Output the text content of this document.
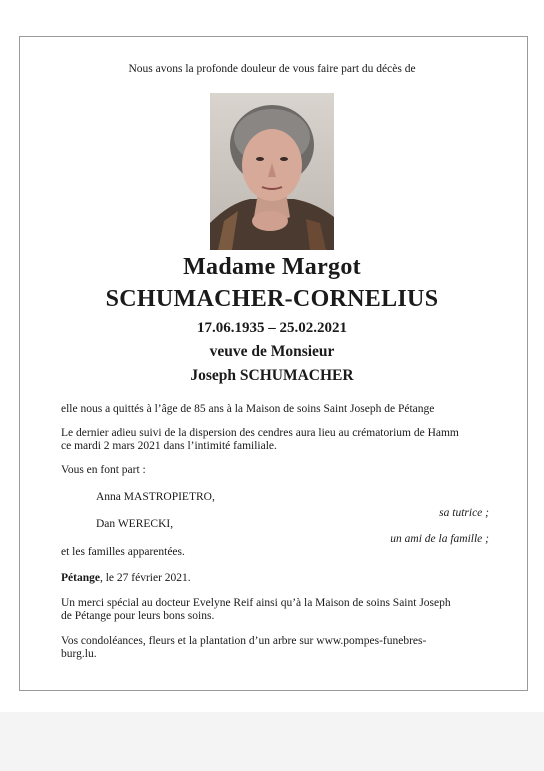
Nous avons la profonde douleur de vous faire part du décès de
Madame Margot
SCHUMACHER-CORNELIUS
17.06.1935 – 25.02.2021
veuve de Monsieur
Joseph SCHUMACHER
elle nous a quittés à l’âge de 85 ans à la Maison de soins Saint Joseph de Pétange
Le dernier adieu suivi de la dispersion des cendres aura lieu au crématorium de Hamm
ce mardi 2 mars 2021 dans l’intimité familiale.
Vous en font part :
Anna MASTROPIETRO,
sa tutrice ;
Dan WERECKI,
un ami de la famille ;
et les familles apparentées.
Pétange, le 27 février 2021.
Un merci spécial au docteur Evelyne Reif ainsi qu’à la Maison de soins Saint Joseph
de Pétange pour leurs bons soins.
Vos condoléances, fleurs et la plantation d’un arbre sur www.pompes-funebres-
burg.lu.
